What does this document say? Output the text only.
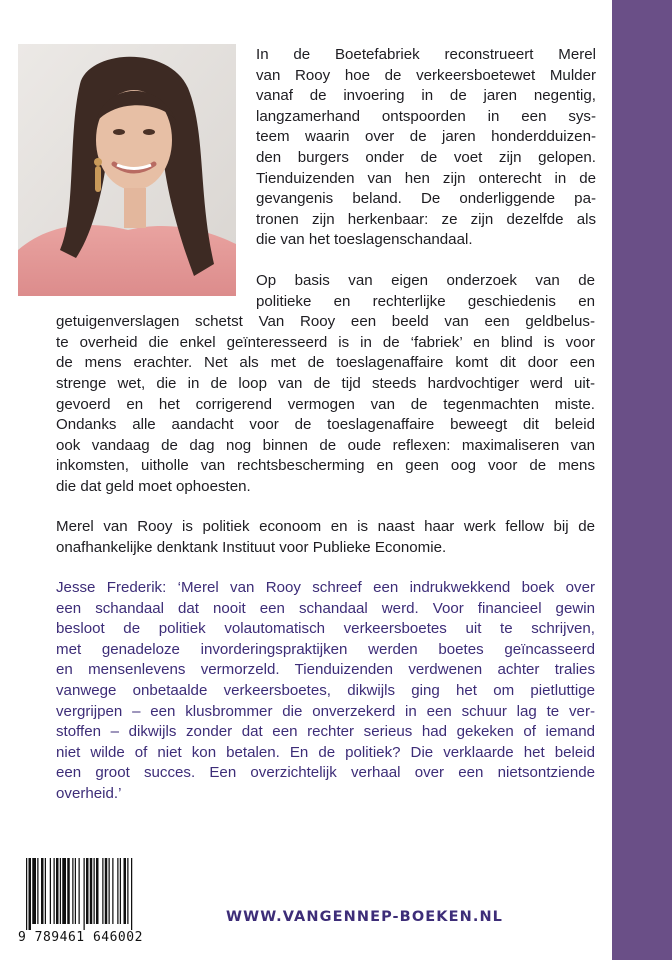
In de Boetefabriek reconstrueert Merel
van Rooy hoe de verkeersboetewet Mulder
vanaf de invoering in de jaren negentig,
langzamerhand ontspoorden in een sys-
teem waarin over de jaren honderdduizen-
den burgers onder de voet zijn gelopen.
Tienduizenden van hen zijn onterecht in de
gevangenis beland. De onderliggende pa-
tronen zijn herkenbaar: ze zijn dezelfde als
die van het toeslagenschandaal.
Op basis van eigen onderzoek van de
politieke en rechterlijke geschiedenis en
getuigenverslagen schetst Van Rooy een beeld van een geldbelus-
te overheid die enkel geïnteresseerd is in de ‘fabriek’ en blind is voor
de mens erachter. Net als met de toeslagenaffaire komt dit door een
strenge wet, die in de loop van de tijd steeds hardvochtiger werd uit-
gevoerd en het corrigerend vermogen van de tegenmachten miste.
Ondanks alle aandacht voor de toeslagenaffaire beweegt dit beleid
ook vandaag de dag nog binnen de oude reflexen: maximaliseren van
inkomsten, uitholle van rechtsbescherming en geen oog voor de mens
die dat geld moet ophoesten.
Merel van Rooy is politiek econoom en is naast haar werk fellow bij de
onafhankelijke denktank Instituut voor Publieke Economie.
Jesse Frederik: ‘Merel van Rooy schreef een indrukwekkend boek over
een schandaal dat nooit een schandaal werd. Voor financieel gewin
besloot de politiek volautomatisch verkeersboetes uit te schrijven,
met genadeloze invorderingspraktijken werden boetes geïncasseerd
en mensenlevens vermorzeld. Tienduizenden verdwenen achter tralies
vanwege onbetaalde verkeersboetes, dikwijls ging het om pietluttige
vergrijpen – een klusbrommer die onverzekerd in een schuur lag te ver-
stoffen – dikwijls zonder dat een rechter serieus had gekeken of iemand
niet wilde of niet kon betalen. En de politiek? Die verklaarde het beleid
een groot succes. Een overzichtelijk verhaal over een nietsontziende
overheid.’
9 789461 646002
WWW.VANGENNEP-BOEKEN.NL
